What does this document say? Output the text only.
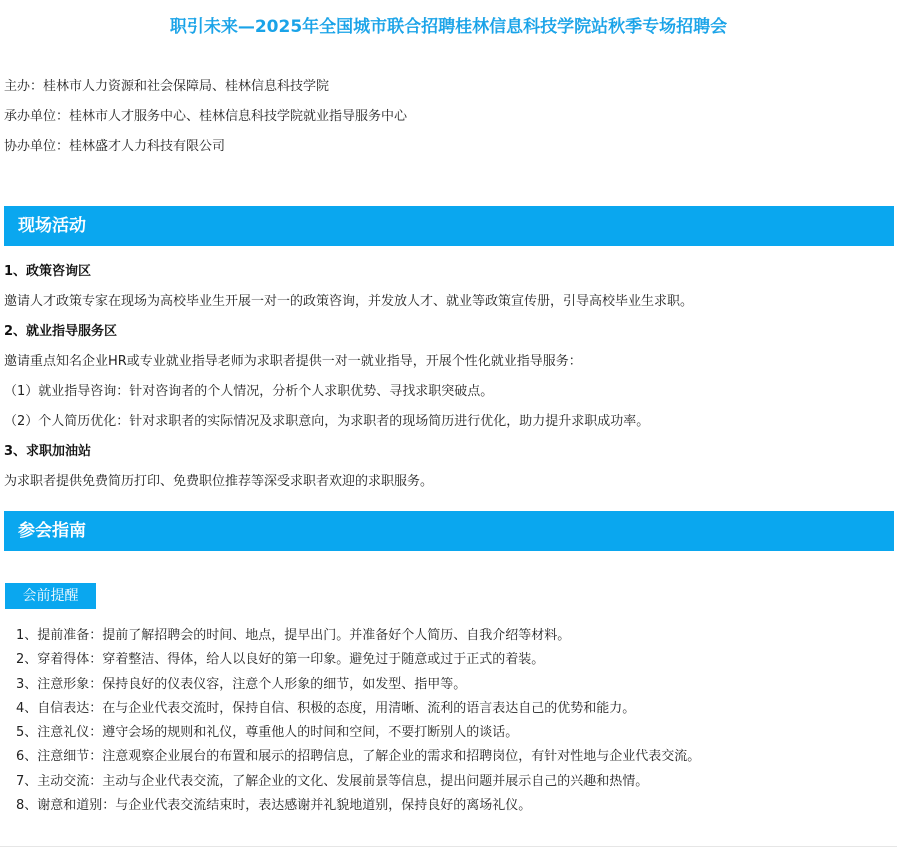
职引未来—2025年全国城市联合招聘桂林信息科技学院站秋季专场招聘会
主办：桂林市人力资源和社会保障局、桂林信息科技学院
承办单位：桂林市人才服务中心、桂林信息科技学院就业指导服务中心
协办单位：桂林盛才人力科技有限公司
现场活动
1、政策咨询区
邀请人才政策专家在现场为高校毕业生开展一对一的政策咨询，并发放人才、就业等政策宣传册，引导高校毕业生求职。
2、就业指导服务区
邀请重点知名企业HR或专业就业指导老师为求职者提供一对一就业指导，开展个性化就业指导服务：
（1）就业指导咨询：针对咨询者的个人情况，分析个人求职优势、寻找求职突破点。
（2）个人简历优化：针对求职者的实际情况及求职意向，为求职者的现场简历进行优化，助力提升求职成功率。
3、求职加油站
为求职者提供免费简历打印、免费职位推荐等深受求职者欢迎的求职服务。
参会指南
会前提醒
1、提前准备：提前了解招聘会的时间、地点，提早出门。并准备好个人简历、自我介绍等材料。
2、穿着得体：穿着整洁、得体，给人以良好的第一印象。避免过于随意或过于正式的着装。
3、注意形象：保持良好的仪表仪容，注意个人形象的细节，如发型、指甲等。
4、自信表达：在与企业代表交流时，保持自信、积极的态度，用清晰、流利的语言表达自己的优势和能力。
5、注意礼仪：遵守会场的规则和礼仪，尊重他人的时间和空间，不要打断别人的谈话。
6、注意细节：注意观察企业展台的布置和展示的招聘信息，了解企业的需求和招聘岗位，有针对性地与企业代表交流。
7、主动交流：主动与企业代表交流，了解企业的文化、发展前景等信息，提出问题并展示自己的兴趣和热情。
8、谢意和道别：与企业代表交流结束时，表达感谢并礼貌地道别，保持良好的离场礼仪。
